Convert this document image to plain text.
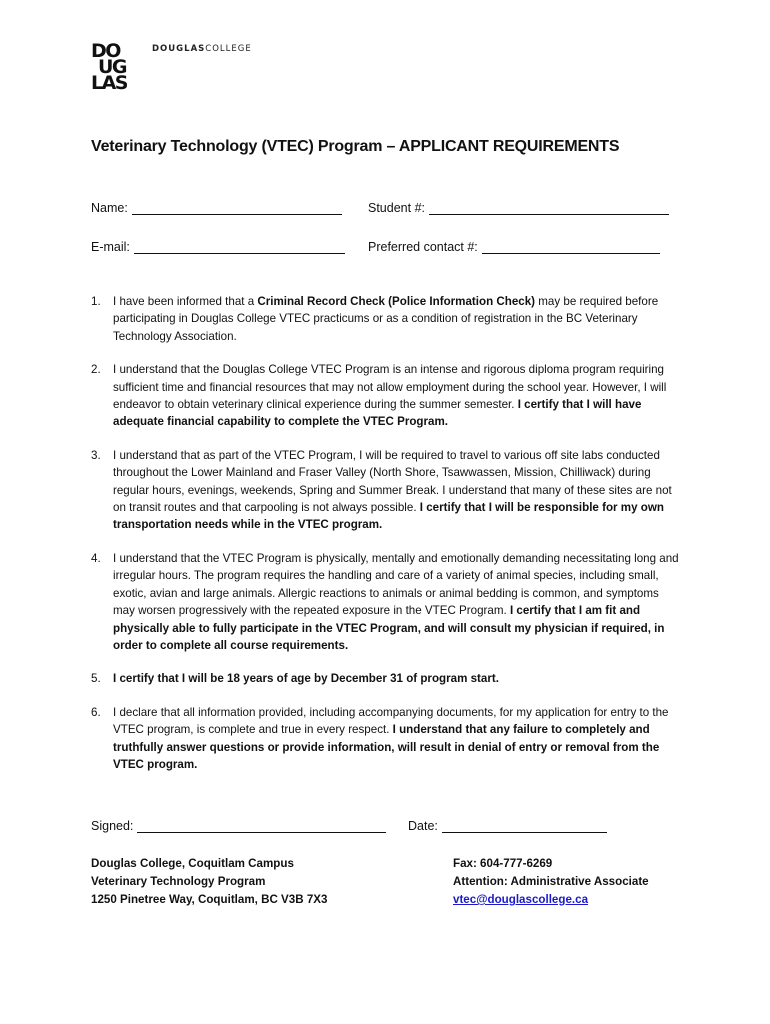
DO
UG
LAS
DOUGLASCOLLEGE
Veterinary Technology (VTEC) Program – APPLICANT REQUIREMENTS
Name:	Student #:
E-mail:	Preferred contact #:
1. I have been informed that a Criminal Record Check (Police Information Check) may be required before participating in Douglas College VTEC practicums or as a condition of registration in the BC Veterinary Technology Association.
2. I understand that the Douglas College VTEC Program is an intense and rigorous diploma program requiring sufficient time and financial resources that may not allow employment during the school year. However, I will endeavor to obtain veterinary clinical experience during the summer semester. I certify that I will have adequate financial capability to complete the VTEC Program.
3. I understand that as part of the VTEC Program, I will be required to travel to various off site labs conducted throughout the Lower Mainland and Fraser Valley (North Shore, Tsawwassen, Mission, Chilliwack) during regular hours, evenings, weekends, Spring and Summer Break. I understand that many of these sites are not on transit routes and that carpooling is not always possible. I certify that I will be responsible for my own transportation needs while in the VTEC program.
4. I understand that the VTEC Program is physically, mentally and emotionally demanding necessitating long and irregular hours. The program requires the handling and care of a variety of animal species, including small, exotic, avian and large animals. Allergic reactions to animals or animal bedding is common, and symptoms may worsen progressively with the repeated exposure in the VTEC Program. I certify that I am fit and physically able to fully participate in the VTEC Program, and will consult my physician if required, in order to complete all course requirements.
5. I certify that I will be 18 years of age by December 31 of program start.
6. I declare that all information provided, including accompanying documents, for my application for entry to the VTEC program, is complete and true in every respect. I understand that any failure to completely and truthfully answer questions or provide information, will result in denial of entry or removal from the VTEC program.
Signed:	Date:
Douglas College, Coquitlam Campus
Veterinary Technology Program
1250 Pinetree Way, Coquitlam, BC V3B 7X3
Fax: 604-777-6269
Attention: Administrative Associate
vtec@douglascollege.ca
